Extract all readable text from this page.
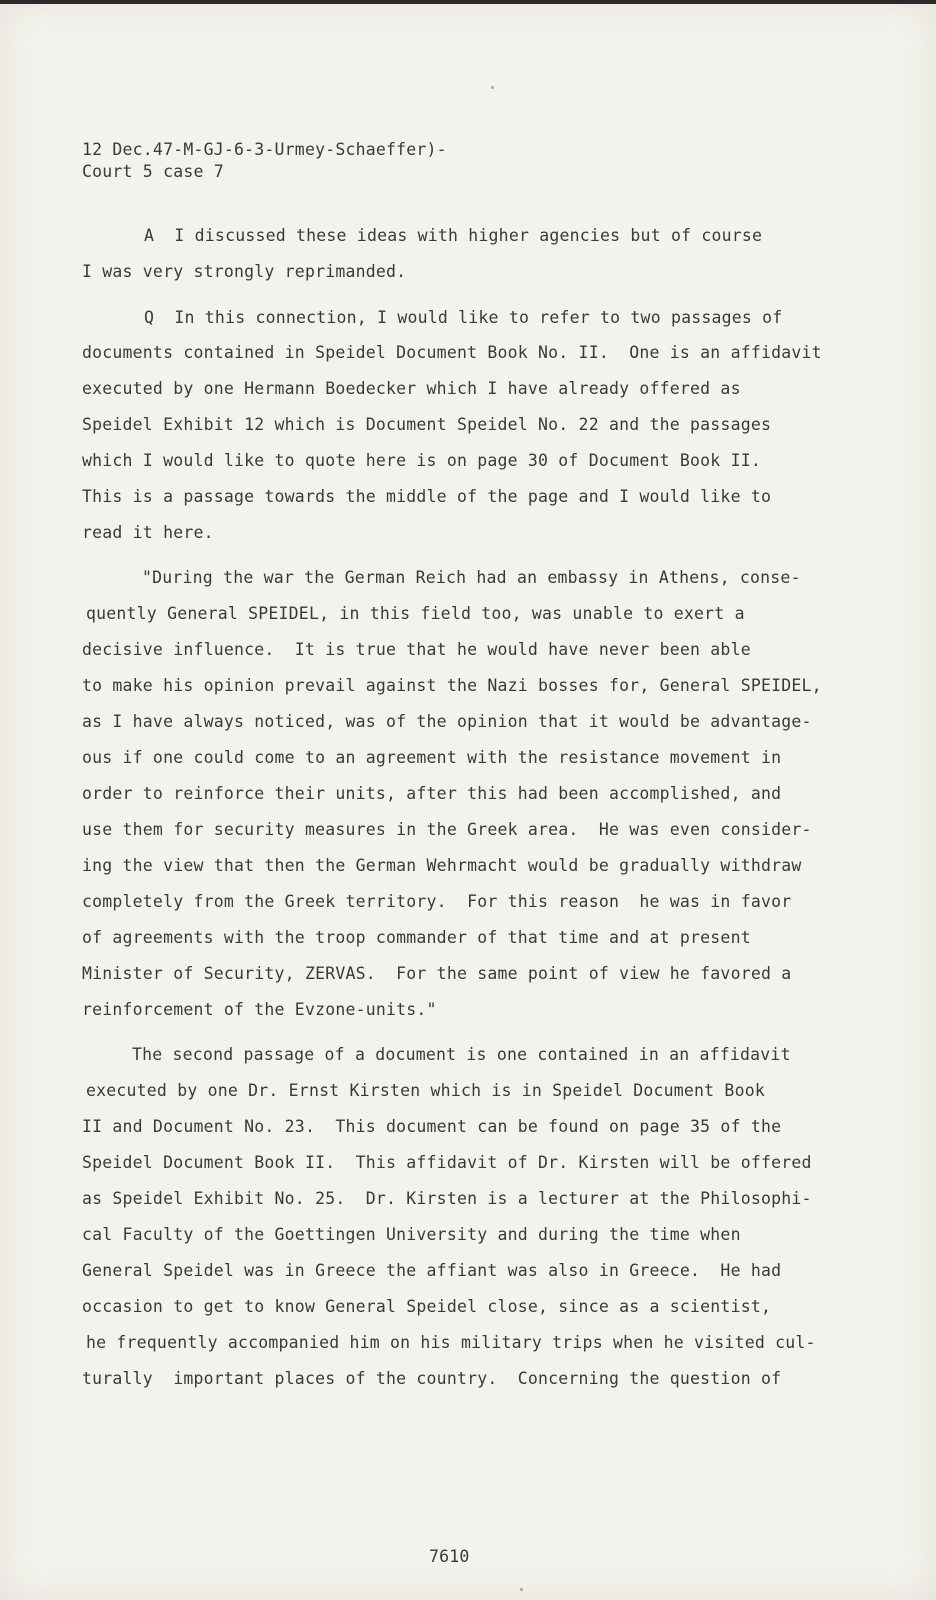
12 Dec.47-M-GJ-6-3-Urmey-Schaeffer)-
Court 5 case 7
A  I discussed these ideas with higher agencies but of course
I was very strongly reprimanded.
Q  In this connection, I would like to refer to two passages of
documents contained in Speidel Document Book No. II.  One is an affidavit
executed by one Hermann Boedecker which I have already offered as
Speidel Exhibit 12 which is Document Speidel No. 22 and the passages
which I would like to quote here is on page 30 of Document Book II.
This is a passage towards the middle of the page and I would like to
read it here.
"During the war the German Reich had an embassy in Athens, conse-
quently General SPEIDEL, in this field too, was unable to exert a
decisive influence.  It is true that he would have never been able
to make his opinion prevail against the Nazi bosses for, General SPEIDEL,
as I have always noticed, was of the opinion that it would be advantage-
ous if one could come to an agreement with the resistance movement in
order to reinforce their units, after this had been accomplished, and
use them for security measures in the Greek area.  He was even consider-
ing the view that then the German Wehrmacht would be gradually withdraw
completely from the Greek territory.  For this reason  he was in favor
of agreements with the troop commander of that time and at present
Minister of Security, ZERVAS.  For the same point of view he favored a
reinforcement of the Evzone-units."
The second passage of a document is one contained in an affidavit
executed by one Dr. Ernst Kirsten which is in Speidel Document Book
II and Document No. 23.  This document can be found on page 35 of the
Speidel Document Book II.  This affidavit of Dr. Kirsten will be offered
as Speidel Exhibit No. 25.  Dr. Kirsten is a lecturer at the Philosophi-
cal Faculty of the Goettingen University and during the time when
General Speidel was in Greece the affiant was also in Greece.  He had
occasion to get to know General Speidel close, since as a scientist,
he frequently accompanied him on his military trips when he visited cul-
turally  important places of the country.  Concerning the question of
7610
